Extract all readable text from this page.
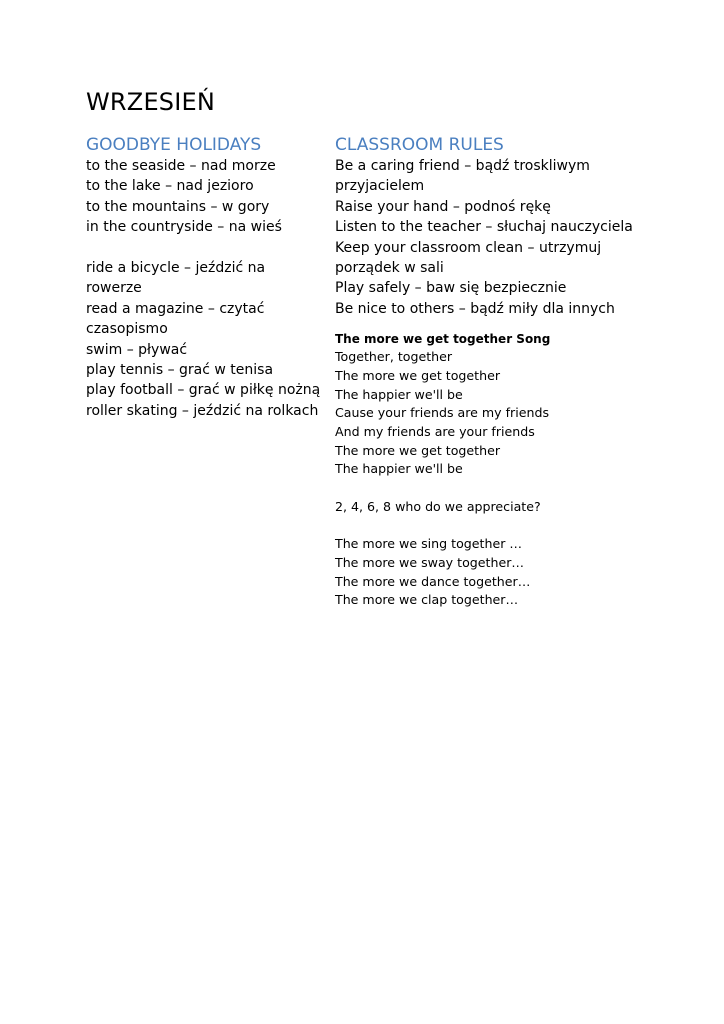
WRZESIEŃ
GOODBYE HOLIDAYS
to the seaside – nad morze
to the lake – nad jezioro
to the mountains – w gory
in the countryside – na wieś
ride a bicycle – jeździć na
rowerze
read a magazine – czytać
czasopismo
swim – pływać
play tennis – grać w tenisa
play football – grać w piłkę nożną
roller skating – jeździć na rolkach
CLASSROOM RULES
Be a caring friend – bądź troskliwym
przyjacielem
Raise your hand – podnoś rękę
Listen to the teacher – słuchaj nauczyciela
Keep your classroom clean – utrzymuj
porządek w sali
Play safely – baw się bezpiecznie
Be nice to others – bądź miły dla innych
The more we get together Song
Together, together
The more we get together
The happier we'll be
Cause your friends are my friends
And my friends are your friends
The more we get together
The happier we'll be
2, 4, 6, 8 who do we appreciate?
The more we sing together …
The more we sway together…
The more we dance together…
The more we clap together…
